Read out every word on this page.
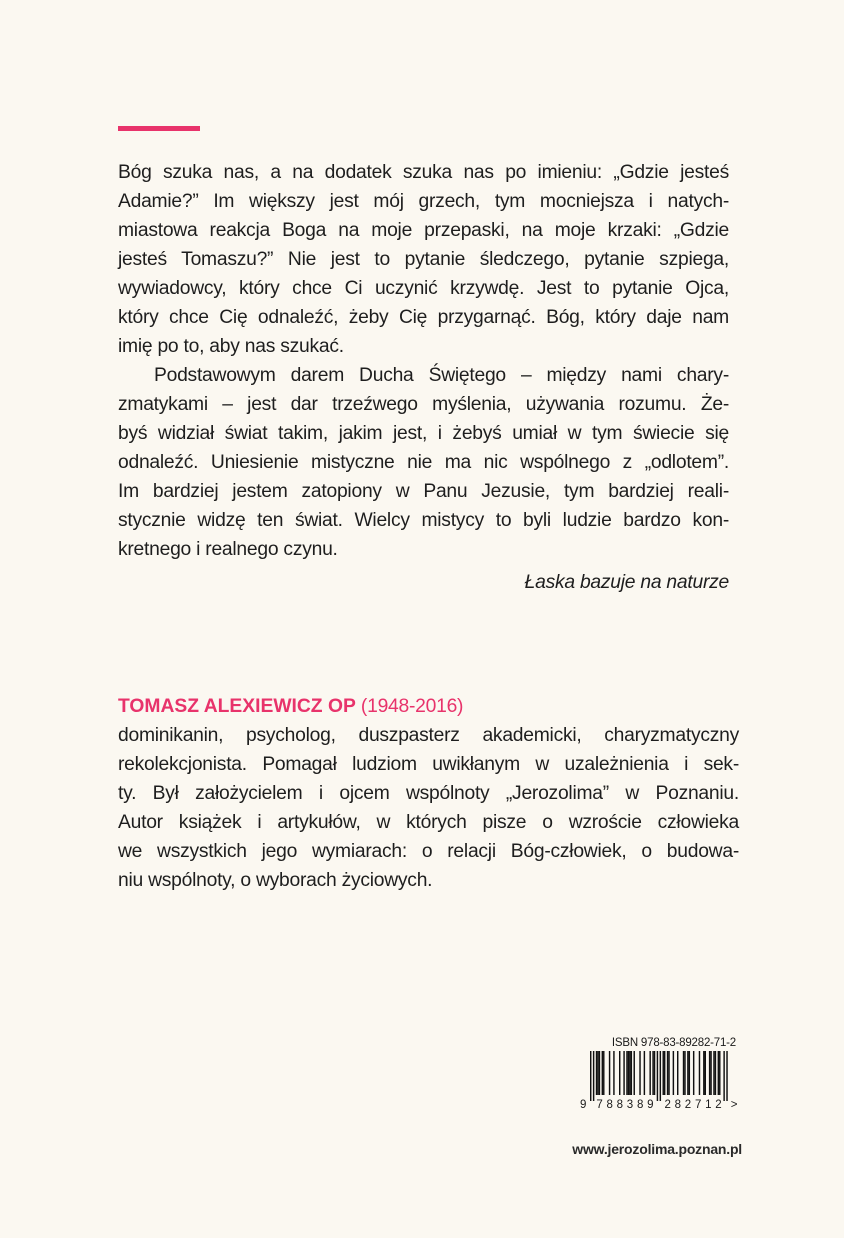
Bóg szuka nas, a na dodatek szuka nas po imieniu: „Gdzie jesteś
Adamie?” Im większy jest mój grzech, tym mocniejsza i natych-
miastowa reakcja Boga na moje przepaski, na moje krzaki: „Gdzie
jesteś Tomaszu?” Nie jest to pytanie śledczego, pytanie szpiega,
wywiadowcy, który chce Ci uczynić krzywdę. Jest to pytanie Ojca,
który chce Cię odnaleźć, żeby Cię przygarnąć. Bóg, który daje nam
imię po to, aby nas szukać.

Podstawowym darem Ducha Świętego – między nami chary-
zmatykami – jest dar trzeźwego myślenia, używania rozumu. Że-
byś widział świat takim, jakim jest, i żebyś umiał w tym świecie się
odnaleźć. Uniesienie mistyczne nie ma nic wspólnego z „odlotem”.
Im bardziej jestem zatopiony w Panu Jezusie, tym bardziej reali-
stycznie widzę ten świat. Wielcy mistycy to byli ludzie bardzo kon-
kretnego i realnego czynu.

Łaska bazuje na naturze
TOMASZ ALEXIEWICZ OP (1948-2016)

dominikanin, psycholog, duszpasterz akademicki, charyzmatyczny
rekolekcjonista. Pomagał ludziom uwikłanym w uzależnienia i sek-
ty. Był założycielem i ojcem wspólnoty „Jerozolima” w Poznaniu.
Autor książek i artykułów, w których pisze o wzroście człowieka
we wszystkich jego wymiarach: o relacji Bóg-człowiek, o budowa-
niu wspólnoty, o wyborach życiowych.

ISBN 978-83-89282-71-2
9 7 8 8 3 8 9 2 8 2 7 1 2 >
www.jerozolima.poznan.pl
